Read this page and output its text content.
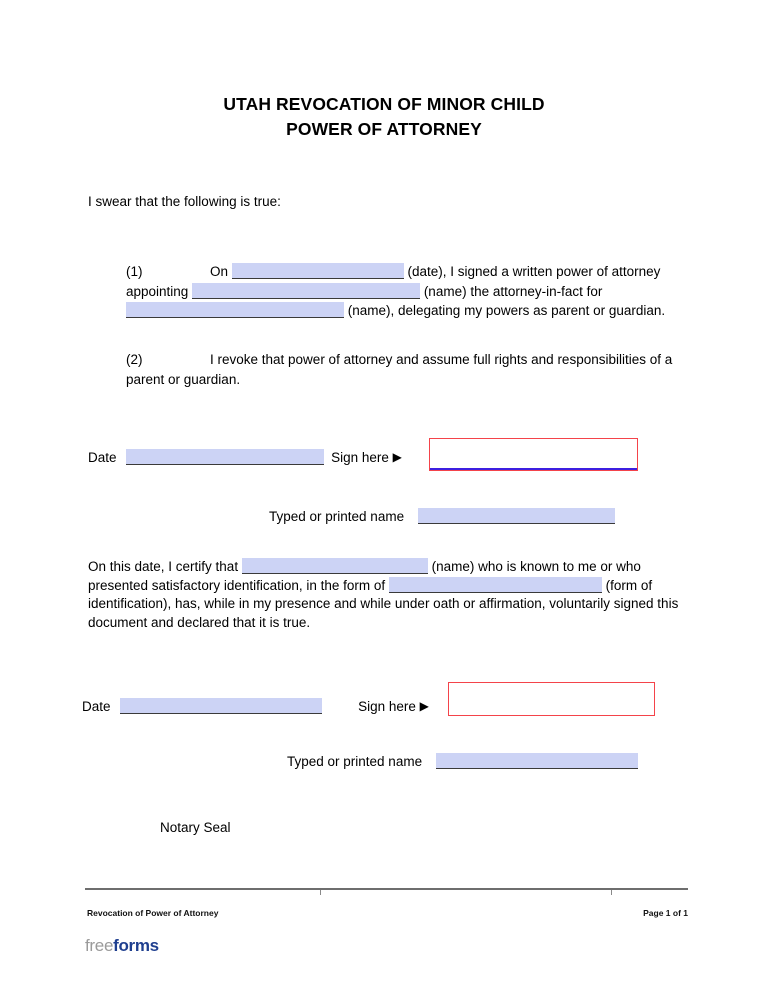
UTAH REVOCATION OF MINOR CHILD
POWER OF ATTORNEY
I swear that the following is true:
(1)	On	(date), I signed a written power of attorney appointing	(name) the attorney-in-fact for  (name), delegating my powers as parent or guardian.
(2)	I revoke that power of attorney and assume full rights and responsibilities of a parent or guardian.
Date	Sign here ▶
Typed or printed name
On this date, I certify that	(name) who is known to me or who presented satisfactory identification, in the form of	(form of identification), has, while in my presence and while under oath or affirmation, voluntarily signed this document and declared that it is true.
Date	Sign here ▶
Typed or printed name
Notary Seal
Revocation of Power of Attorney	Page 1 of 1
freeforms
